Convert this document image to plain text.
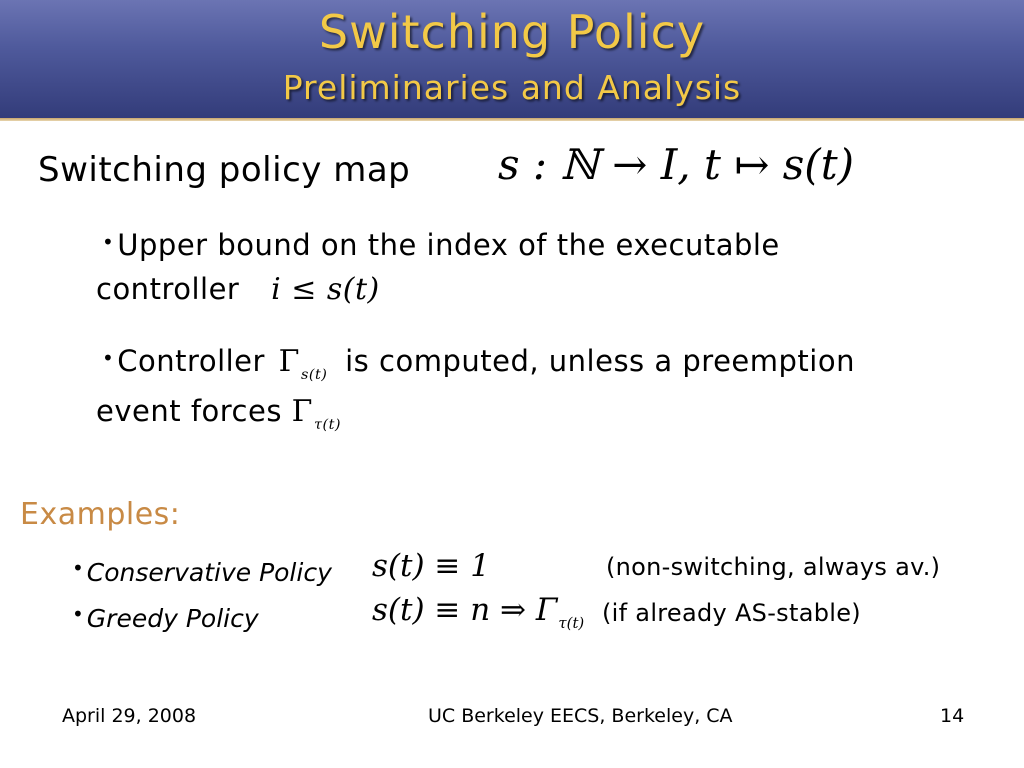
Switching Policy
Preliminaries and Analysis
Switching policy map s : ℕ → I, t ↦ s(t)
• Upper bound on the index of the executable
controller i ≤ s(t)
• Controller $\Gamma_{s(t)}$ is computed, unless a preemption
event forces $\Gamma_{\tau(t)}$
Examples:
• Conservative Policy s(t) ≡ 1	(non-switching, always av.)
• Greedy Policy	s(t) ≡ n ⇒ $\Gamma_{\tau(t)}$ (if already AS-stable)
April 29, 2008	UC Berkeley EECS, Berkeley, CA	14
